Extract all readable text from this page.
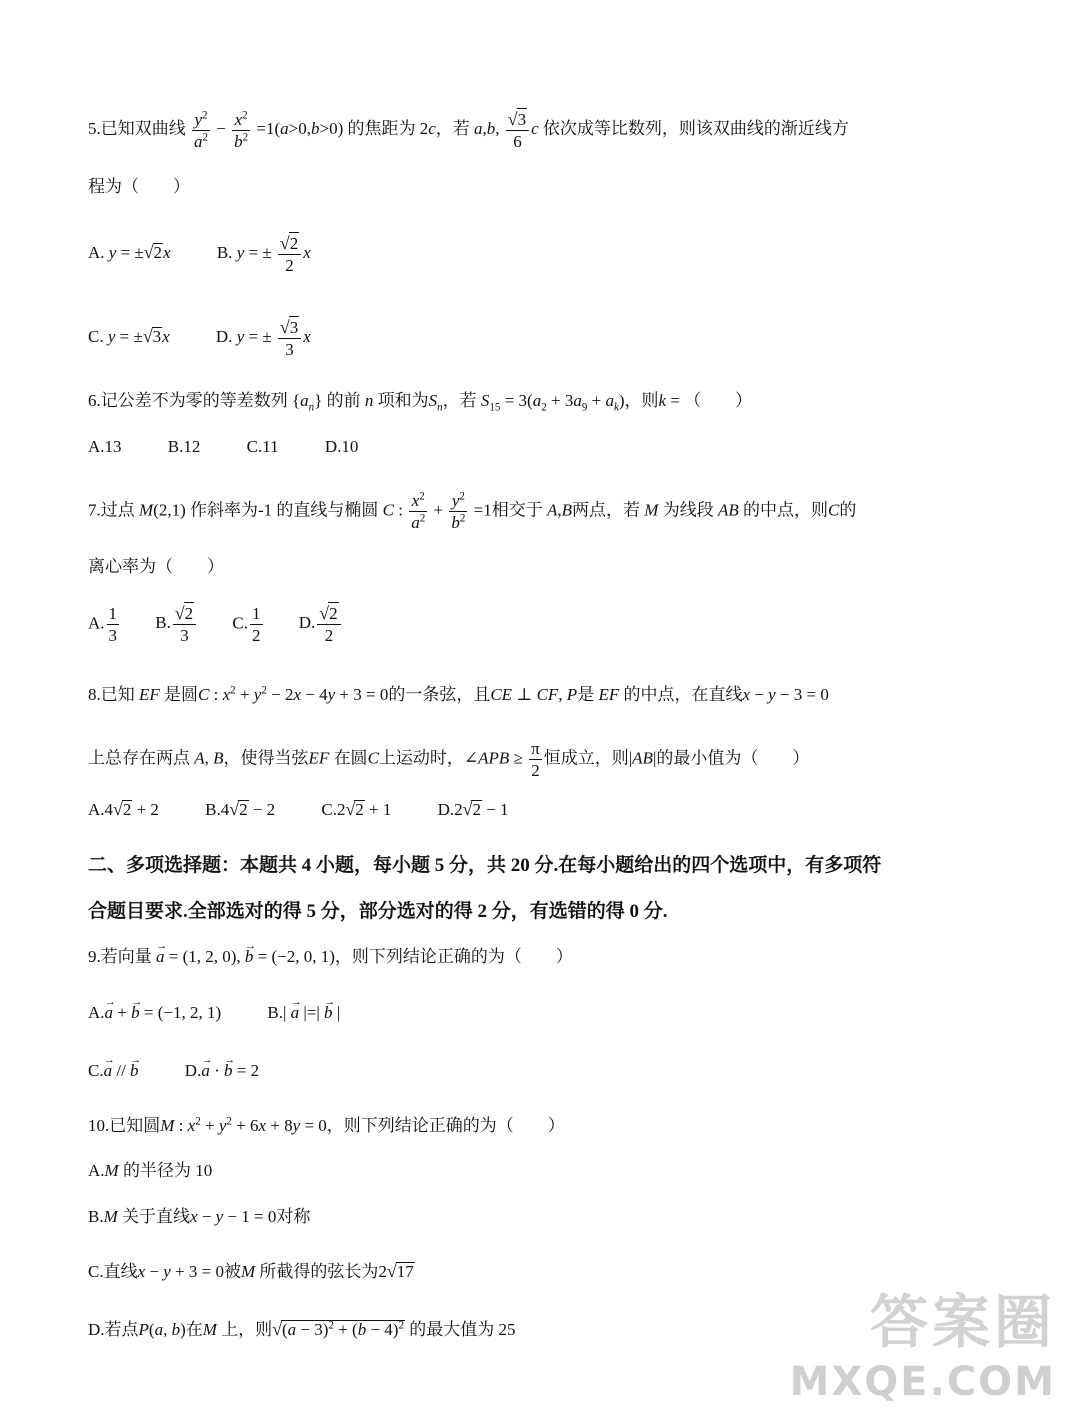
5.已知双曲线 $\frac{y^2}{a^2} - \frac{x^2}{b^2} =1(a>0,b>0)$ 的焦距为 2c，若 a,b, $\frac{√3}{6}$ c 依次成等比数列，则该双曲线的渐近线方
程为（　　）
A. y = ±√2x	B. y = ± $\frac{√2}{2}$ x
C. y = ±√3x	D. y = ± $\frac{√3}{3}$ x
6.记公差不为零的等差数列 $\{a_n\}$ 的前 n 项和为$S_n$，若 $S_{15} = 3(a_2 + 3a_9 + a_k)$，则k = （　　）
A.13	B.12	C.11	D.10
7.过点 M(2,1) 作斜率为-1 的直线与椭圆 C : $\frac{x^2}{a^2} + \frac{y^2}{b^2} =1$相交于 A,B两点，若 M 为线段 AB 的中点，则C的
离心率为（　　）
A. $\frac{1}{3} B$. $\frac{√2}{3} C$. $\frac{1}{2} D$. $\frac{√2}{2}$
8.已知 EF 是圆C : $x^2 + y^2 - 2x - 4y + 3 = 0$的一条弦，且CE ⊥ CF, P是 EF 的中点，在直线x − y − 3 = 0
上总存在两点 A, B，使得当弦EF 在圆C上运动时，∠APB ≥ $\frac{\pi}{2}$ 恒成立，则|AB|的最小值为（　　）
A.4√2 + 2	B.4√2 − 2	C.2√2 + 1	D.2√2 − 1
二、多项选择题：本题共 4 小题，每小题 5 分，共 20 分.在每小题给出的四个选项中，有多项符
合题目要求.全部选对的得 5 分，部分选对的得 2 分，有选错的得 0 分.
9.若向量 → a = (1, 2, 0), → b = (−2, 0, 1)，则下列结论正确的为（　　）
A.→ a + → b = (−1, 2, 1)	B.| → a |=| → b |
C.→ a // → b	D.→ a · → b = 2
10.已知圆M : $x^2 + y^2 + 6x + 8y = 0$，则下列结论正确的为（　　）
A.M 的半径为 10
B.M 关于直线x − y − 1 = 0对称
C.直线x − y + 3 = 0被M 所截得的弦长为2√17
D.若点P(a, b)在M 上，则$√(a - 3)^2 + (b - 4)^2$ 的最大值为 25	答案圈
MXQE.COM
